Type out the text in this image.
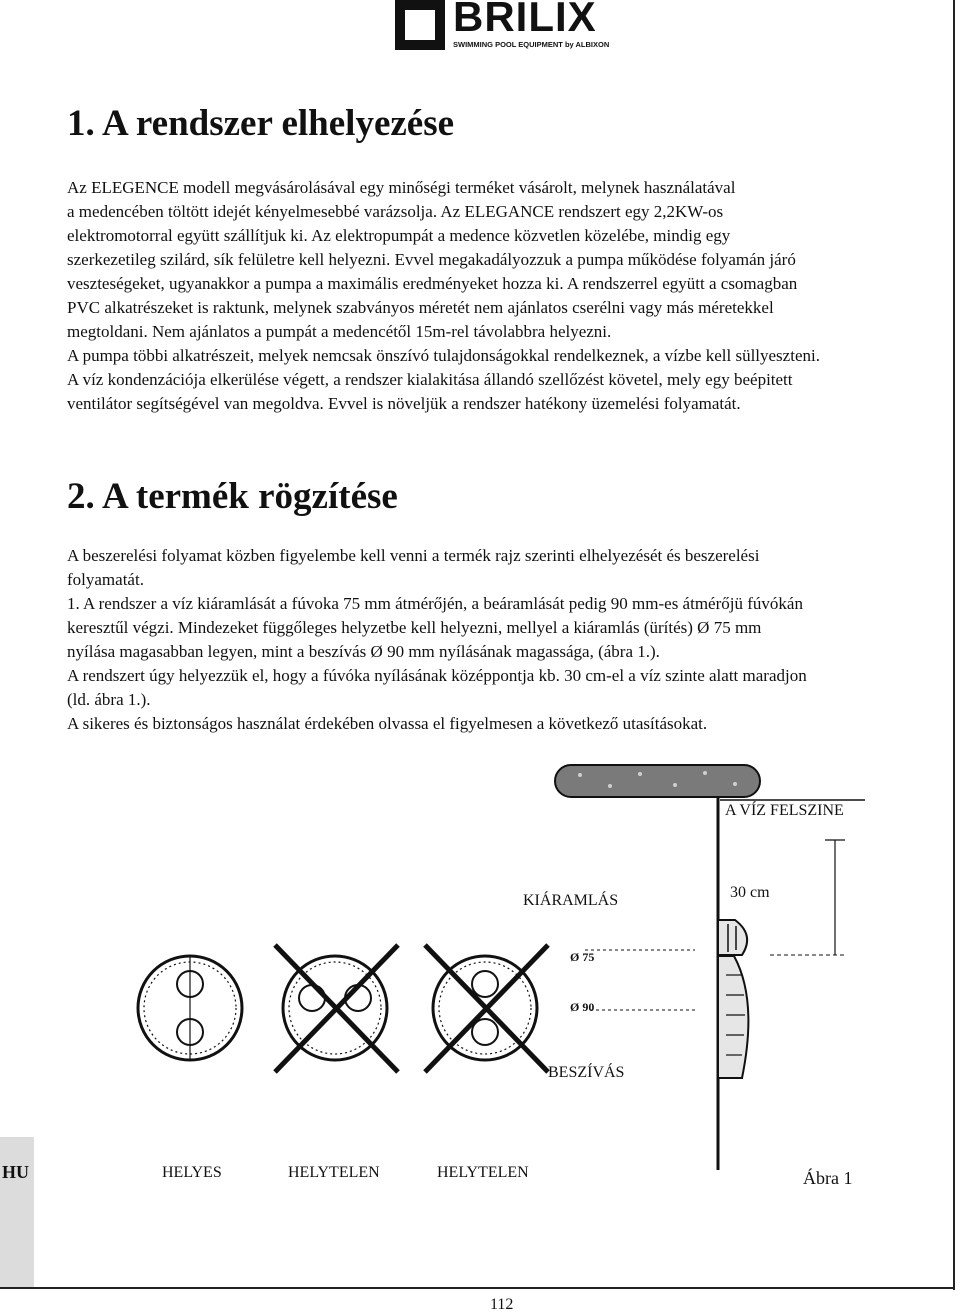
BRILIX
SWIMMING POOL EQUIPMENT by ALBIXON
HU
1. A rendszer elhelyezése

Az ELEGENCE modell megvásárolásával egy minőségi terméket vásárolt, melynek használatával
a medencében töltött idejét kényelmesebbé varázsolja. Az ELEGANCE rendszert egy 2,2KW-os
elektromotorral együtt szállítjuk ki. Az elektropumpát a medence közvetlen közelébe, mindig egy
szerkezetileg szilárd, sík felületre kell helyezni. Evvel megakadályozzuk a pumpa működése folyamán járó
veszteségeket, ugyanakkor a pumpa a maximális eredményeket hozza ki. A rendszerrel együtt a csomagban
PVC alkatrészeket is raktunk, melynek szabványos méretét nem ajánlatos cserélni vagy más méretekkel
megtoldani. Nem ajánlatos a pumpát a medencétől 15m-rel távolabbra helyezni.
A pumpa többi alkatrészeit, melyek nemcsak önszívó tulajdonságokkal rendelkeznek, a vízbe kell süllyeszteni.
A víz kondenzációja elkerülése végett, a rendszer kialakitása állandó szellőzést követel, mely egy beépitett
ventilátor segítségével van megoldva. Evvel is növeljük a rendszer hatékony üzemelési folyamatát.

2. A termék rögzítése

A beszerelési folyamat közben figyelembe kell venni a termék rajz szerinti elhelyezését és beszerelési
folyamatát.
1. A rendszer a víz kiáramlását a fúvoka 75 mm átmérőjén, a beáramlását pedig 90 mm-es átmérőjü fúvókán
keresztűl végzi. Mindezeket függőleges helyzetbe kell helyezni, mellyel a kiáramlás (ürítés) Ø 75 mm
nyílása magasabban legyen, mint a beszívás Ø 90 mm nyílásának magassága, (ábra 1.).
A rendszert úgy helyezzük el, hogy a fúvóka nyílásának középpontja kb. 30 cm-el a víz szinte alatt maradjon
(ld. ábra 1.).
A sikeres és biztonságos használat érdekében olvassa el figyelmesen a következő utasításokat.

A VÍZ FELSZINE
30 cm
KIÁRAMLÁS
Ø 75
Ø 90
BESZÍVÁS
HELYES	HELYTELEN	HELYTELEN	Ábra 1
112
